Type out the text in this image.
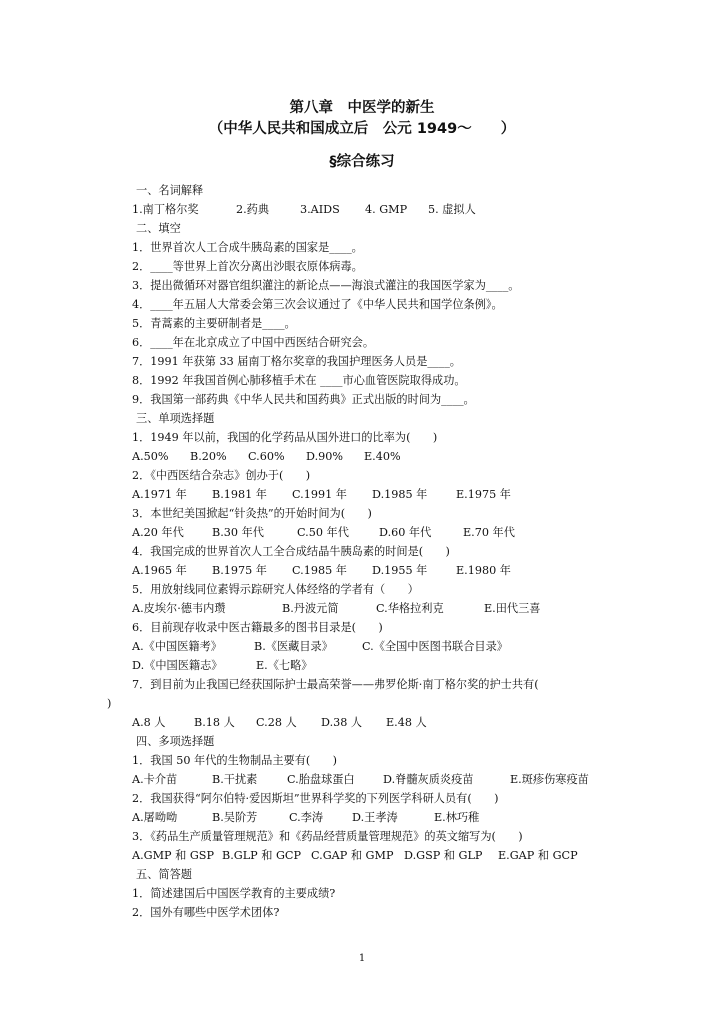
第八章　中医学的新生
（中华人民共和国成立后　公元 1949～　　）
§综合练习
一、名词解释
1.南丁格尔奖	2.药典	3.AIDS 4. GMP 5. 虚拟人
二、填空
1．世界首次人工合成牛胰岛素的国家是____。
2．____等世界上首次分离出沙眼衣原体病毒。
3．提出微循环对器官组织灌注的新论点——海浪式灌注的我国医学家为____。
4．____年五届人大常委会第三次会议通过了《中华人民共和国学位条例》。
5．青蒿素的主要研制者是____。
6．____年在北京成立了中国中西医结合研究会。
7．1991 年获第 33 届南丁格尔奖章的我国护理医务人员是____。
8．1992 年我国首例心肺移植手术在 ____市心血管医院取得成功。
9．我国第一部药典《中华人民共和国药典》正式出版的时间为____。
三、单项选择题
1．1949 年以前，我国的化学药品从国外进口的比率为(　　)
A.50% B.20% C.60% D.90% E.40%
2．《中西医结合杂志》创办于(　　)
A.1971 年 B.1981 年 C.1991 年 D.1985 年	E.1975 年
3．本世纪美国掀起“针灸热”的开始时间为(　　)
A.20 年代	B.30 年代	C.50 年代	D.60 年代	E.70 年代
4．我国完成的世界首次人工全合成结晶牛胰岛素的时间是(　　)
A.1965 年 B.1975 年 C.1985 年 D.1955 年	E.1980 年
5．用放射线同位素锝示踪研究人体经络的学者有（　　）
A.皮埃尔·德韦内瓒	B.丹波元简	C.华格拉利克	E.田代三喜
6．目前现存收录中医古籍最多的图书目录是(　　)
A.《中国医籍考》	B.《医藏目录》	C.《全国中医图书联合目录》
D.《中国医籍志》	E.《七略》
7．到目前为止我国已经获国际护士最高荣誉——弗罗伦斯·南丁格尔奖的护士共有(
)
A.8 人	B.18 人 C.28 人 D.38 人 E.48 人
四、多项选择题
1．我国 50 年代的生物制品主要有(　　)
A.卡介苗	B.干扰素	C.胎盘球蛋白	D.脊髓灰质炎疫苗	E.斑疹伤寒疫苗
2．我国获得“阿尔伯特·爱因斯坦”世界科学奖的下列医学科研人员有(　　)
A.屠呦呦	B.吴阶芳	C.李涛	D.王孝涛	E.林巧稚
3．《药品生产质量管理规范》和《药品经营质量管理规范》的英文缩写为(　　)
A.GMP 和 GSP B.GLP 和 GCP C.GAP 和 GMP D.GSP 和 GLP E.GAP 和 GCP
五、简答题
1．简述建国后中国医学教育的主要成绩?
2．国外有哪些中医学术团体?
1
